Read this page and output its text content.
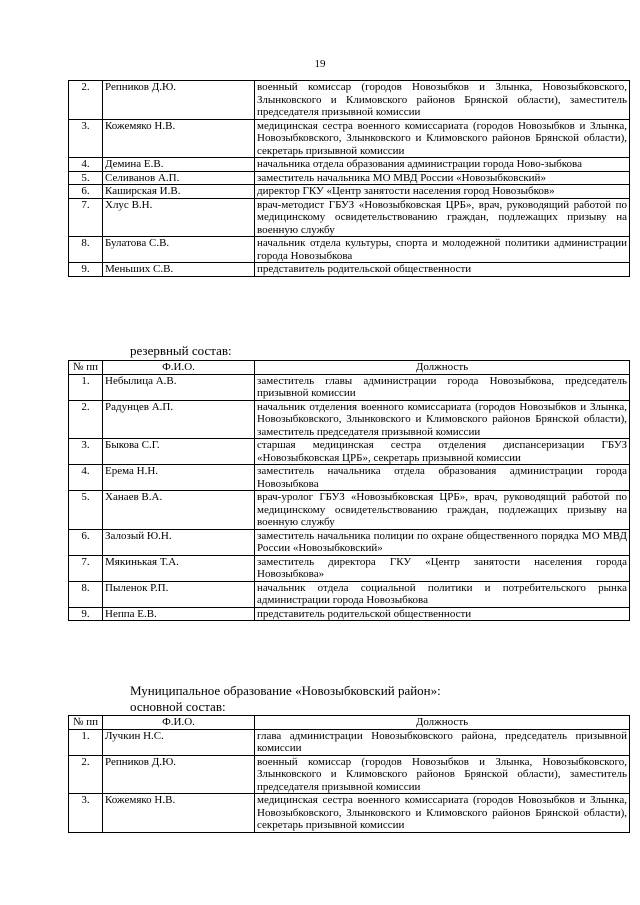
19
2.	Репников Д.Ю.	военный комиссар (городов Новозыбков и Злынка, Новозыбковского, Злынковского и Климовского районов Брянской области), заместитель председателя призывной комиссии
3.	Кожемяко Н.В.	медицинская сестра военного комиссариата (городов Новозыбков и Злынка, Новозыбковского, Злынковского и Климовского районов Брянской области), секретарь призывной комиссии
4.	Демина Е.В.	начальника отдела образования администрации города Ново-зыбкова
5.	Селиванов А.П.	заместитель начальника МО МВД России «Новозыбковский»
6.	Каширская И.В.	директор ГКУ «Центр занятости населения город Новозыбков»
7.	Хлус В.Н.	врач-методист ГБУЗ «Новозыбковская ЦРБ», врач, руководящий работой по медицинскому освидетельствованию граждан, подлежащих призыву на военную службу
8.	Булатова С.В.	начальник отдела культуры, спорта и молодежной политики администрации города Новозыбкова
9.	Меньших С.В.	представитель родительской общественности
резервный состав:
№ пп	Ф.И.О.	Должность
1.	Небылица А.В.	заместитель главы администрации города Новозыбкова, председатель призывной комиссии
2.	Радунцев А.П.	начальник отделения военного комиссариата (городов Новозыбков и Злынка, Новозыбковского, Злынковского и Климовского районов Брянской области), заместитель председателя призывной комиссии
3.	Быкова С.Г.	старшая медицинская сестра отделения диспансеризации ГБУЗ «Новозыбковская ЦРБ», секретарь призывной комиссии
4.	Ерема Н.Н.	заместитель начальника отдела образования администрации города Новозыбкова
5.	Ханаев В.А.	врач-уролог ГБУЗ «Новозыбковская ЦРБ», врач, руководящий работой по медицинскому освидетельствованию граждан, подлежащих призыву на военную службу
6.	Залозый Ю.Н.	заместитель начальника полиции по охране общественного порядка МО МВД России «Новозыбковский»
7.	Мякинькая Т.А.	заместитель директора ГКУ «Центр занятости населения города Новозыбкова»
8.	Пыленок Р.П.	начальник отдела социальной политики и потребительского рынка администрации города Новозыбкова
9.	Неппа Е.В.	представитель родительской общественности
Муниципальное образование «Новозыбковский район»:
основной состав:
№ пп	Ф.И.О.	Должность
1.	Лучкин Н.С.	глава администрации Новозыбковского района, председатель призывной комиссии
2.	Репников Д.Ю.	военный комиссар (городов Новозыбков и Злынка, Новозыбковского, Злынковского и Климовского районов Брянской области), заместитель председателя призывной комиссии
3.	Кожемяко Н.В.	медицинская сестра военного комиссариата (городов Новозыбков и Злынка, Новозыбковского, Злынковского и Климовского районов Брянской области), секретарь призывной комиссии
